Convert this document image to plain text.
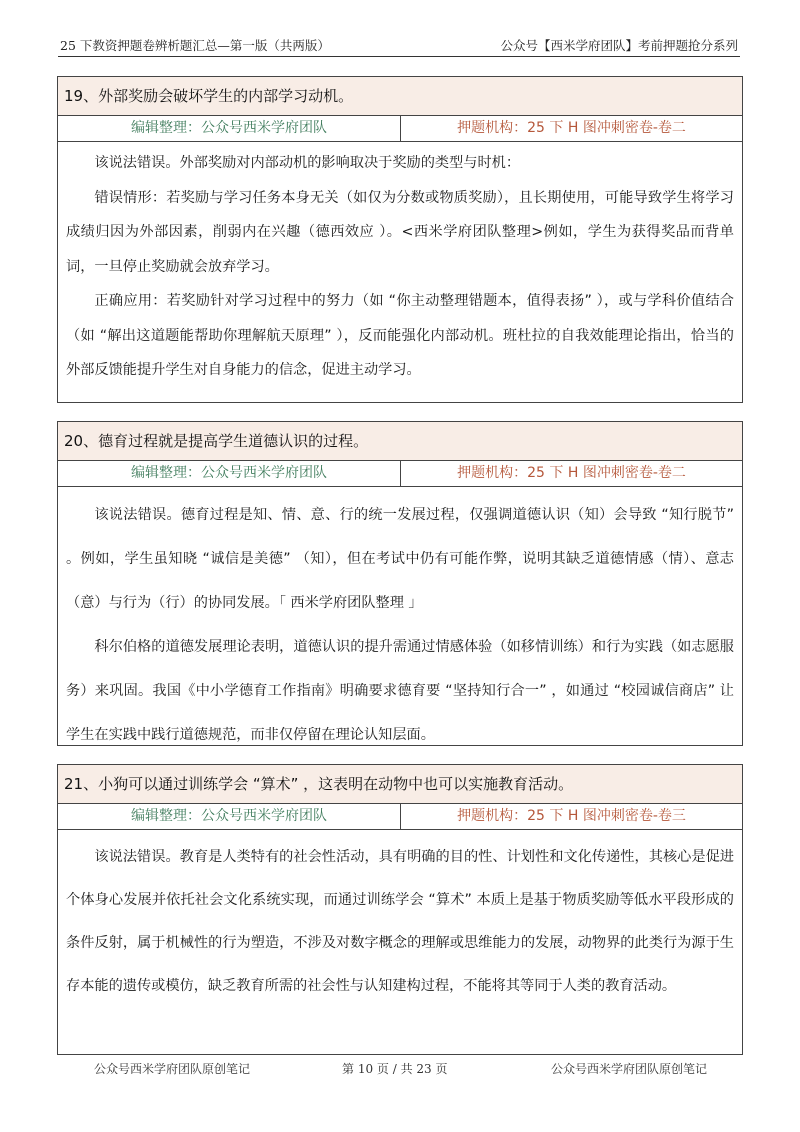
25 下教资押题卷辨析题汇总—第一版（共两版）	公众号【西米学府团队】考前押题抢分系列
19、外部奖励会破坏学生的内部学习动机。
编辑整理：公众号西米学府团队	押题机构：25 下 H 图冲刺密卷-卷二

该说法错误。外部奖励对内部动机的影响取决于奖励的类型与时机：

错误情形：若奖励与学习任务本身无关（如仅为分数或物质奖励），且长期使用，可能导致学生将学习成绩归因为外部因素，削弱内在兴趣（德西效应 ）。<西米学府团队整理>例如，学生为获得奖品而背单词，一旦停止奖励就会放弃学习。

正确应用：若奖励针对学习过程中的努力（如 “你主动整理错题本，值得表扬” ），或与学科价值结合（如 “解出这道题能帮助你理解航天原理” ），反而能强化内部动机。班杜拉的自我效能理论指出，恰当的外部反馈能提升学生对自身能力的信念，促进主动学习。

20、德育过程就是提高学生道德认识的过程。
编辑整理：公众号西米学府团队	押题机构：25 下 H 图冲刺密卷-卷二

该说法错误。德育过程是知、情、意、行的统一发展过程，仅强调道德认识（知）会导致 “知行脱节” 。例如，学生虽知晓 “诚信是美德” （知），但在考试中仍有可能作弊，说明其缺乏道德情感（情）、意志（意）与行为（行）的协同发展。「 西米学府团队整理 」

科尔伯格的道德发展理论表明，道德认识的提升需通过情感体验（如移情训练）和行为实践（如志愿服务）来巩固。我国《中小学德育工作指南》明确要求德育要 “坚持知行合一” ，如通过 “校园诚信商店” 让学生在实践中践行道德规范，而非仅停留在理论认知层面。

21、小狗可以通过训练学会 “算术” ，这表明在动物中也可以实施教育活动。
编辑整理：公众号西米学府团队	押题机构：25 下 H 图冲刺密卷-卷三

该说法错误。教育是人类特有的社会性活动，具有明确的目的性、计划性和文化传递性，其核心是促进个体身心发展并依托社会文化系统实现，而通过训练学会 “算术” 本质上是基于物质奖励等低水平段形成的条件反射，属于机械性的行为塑造，不涉及对数字概念的理解或思维能力的发展，动物界的此类行为源于生存本能的遗传或模仿，缺乏教育所需的社会性与认知建构过程，不能将其等同于人类的教育活动。

公众号西米学府团队原创笔记	第 10 页 / 共 23 页	公众号西米学府团队原创笔记
